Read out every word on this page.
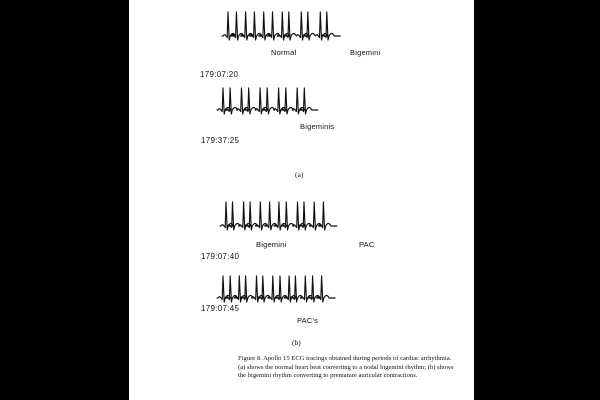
Normal	Bigemini
179:07:20
Bigeminis
179:37:25
(a)
Bigemini	PAC
179:07:40
PAC's
179:07:45
(b)
Figure 8. Apollo 15 ECG tracings obtained during periods of cardiac arrhythmia.
(a) shows the normal heart beat converting to a nodal bigemini rhythm; (b) shows
the bigemini rhythm converting to premature auricular contractions.
